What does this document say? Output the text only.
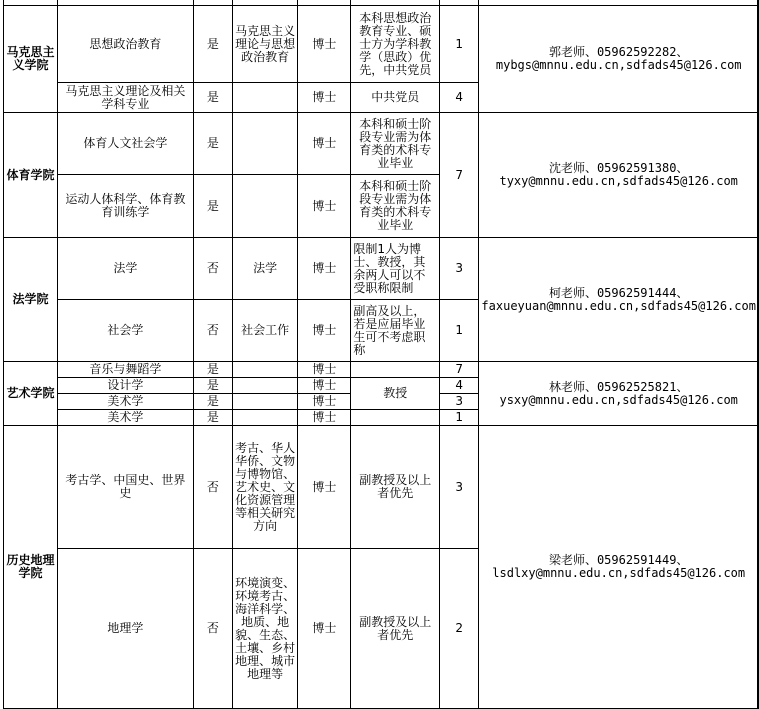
马克思主义学院	思想政治教育	是	马克思主义理论与思想政治教育	博士	本科思想政治教育专业、硕士方为学科教学（思政）优先，中共党员	1	郭老师、05962592282、mybgs@mnnu.edu.cn,sdfads45@126.com
	马克思主义理论及相关学科专业	是		博士	中共党员	4	
体育学院	体育人文社会学	是		博士	本科和硕士阶段专业需为体育类的术科专业毕业	7	沈老师、05962591380、tyxy@mnnu.edu.cn,sdfads45@126.com
	运动人体科学、体育教育训练学	是		博士	本科和硕士阶段专业需为体育类的术科专业毕业		
法学院	法学	否	法学	博士	限制1人为博士、教授，其余两人可以不受职称限制	3	柯老师、05962591444、faxueyuan@mnnu.edu.cn,sdfads45@126.com
	社会学	否	社会工作	博士	副高及以上，若是应届毕业生可不考虑职称	1	
艺术学院	音乐与舞蹈学	是		博士		7	林老师、05962525821、ysxy@mnnu.edu.cn,sdfads45@126.com
	设计学	是		博士	教授	4	
	美术学	是		博士		3	
	美术学	是		博士		1	
历史地理学院	考古学、中国史、世界史	否	考古、华人华侨、文物与博物馆、艺术史、文化资源管理等相关研究方向	博士	副教授及以上者优先	3	梁老师、05962591449、lsdlxy@mnnu.edu.cn,sdfads45@126.com
	地理学	否	环境演变、环境考古、海洋科学、地质、地貌、生态、土壤、乡村地理、城市地理等	博士	副教授及以上者优先	2	
